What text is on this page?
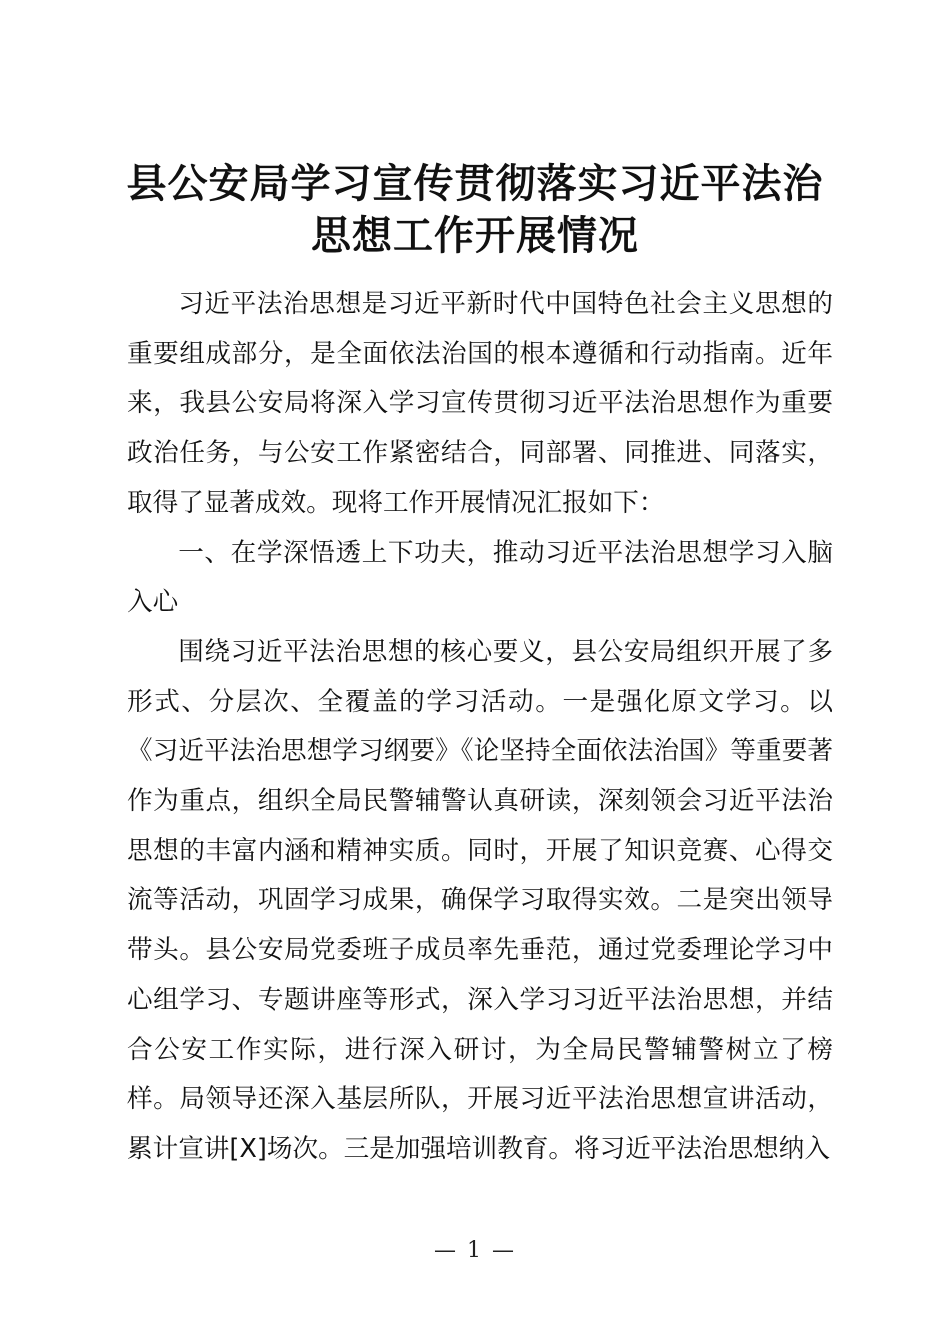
县公安局学习宣传贯彻落实习近平法治思想工作开展情况

习近平法治思想是习近平新时代中国特色社会主义思想的重要组成部分，是全面依法治国的根本遵循和行动指南。近年来，我县公安局将深入学习宣传贯彻习近平法治思想作为重要政治任务，与公安工作紧密结合，同部署、同推进、同落实，取得了显著成效。现将工作开展情况汇报如下：

一、在学深悟透上下功夫，推动习近平法治思想学习入脑入心

围绕习近平法治思想的核心要义，县公安局组织开展了多形式、分层次、全覆盖的学习活动。一是强化原文学习。以《习近平法治思想学习纲要》《论坚持全面依法治国》等重要著作为重点，组织全局民警辅警认真研读，深刻领会习近平法治思想的丰富内涵和精神实质。同时，开展了知识竞赛、心得交流等活动，巩固学习成果，确保学习取得实效。二是突出领导带头。县公安局党委班子成员率先垂范，通过党委理论学习中心组学习、专题讲座等形式，深入学习习近平法治思想，并结合公安工作实际，进行深入研讨，为全局民警辅警树立了榜样。局领导还深入基层所队，开展习近平法治思想宣讲活动，累计宣讲[X]场次。三是加强培训教育。将习近平法治思想纳入

— 1 —
